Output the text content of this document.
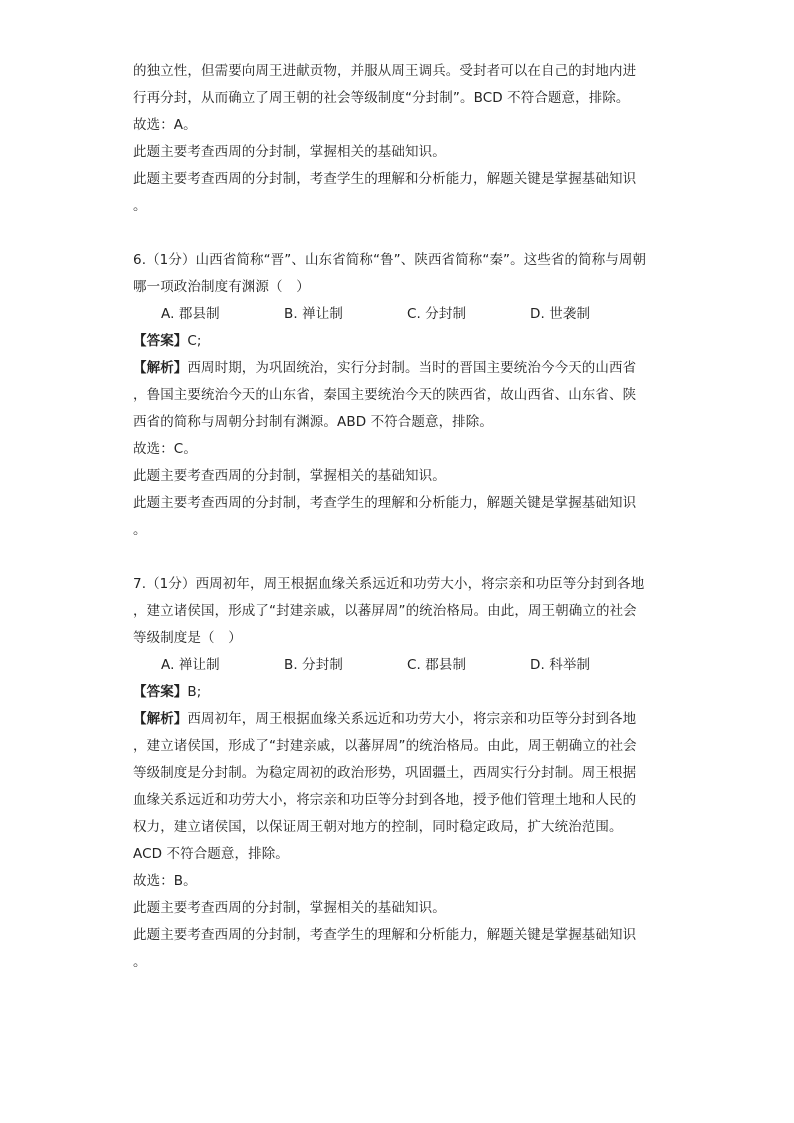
的独立性，但需要向周王进献贡物，并服从周王调兵。受封者可以在自己的封地内进
行再分封，从而确立了周王朝的社会等级制度“分封制”。BCD 不符合题意，排除。
故选：A。
此题主要考查西周的分封制，掌握相关的基础知识。
此题主要考查西周的分封制，考查学生的理解和分析能力，解题关键是掌握基础知识
。
6.（1分）山西省简称“晋”、山东省简称“鲁”、陕西省简称“秦”。这些省的简称与周朝
哪一项政治制度有渊源（　）
A. 郡县制	B. 禅让制	C. 分封制	D. 世袭制
【答案】C;
【解析】西周时期，为巩固统治，实行分封制。当时的晋国主要统治今今天的山西省
，鲁国主要统治今天的山东省，秦国主要统治今天的陕西省，故山西省、山东省、陕
西省的简称与周朝分封制有渊源。ABD 不符合题意，排除。
故选：C。
此题主要考查西周的分封制，掌握相关的基础知识。
此题主要考查西周的分封制，考查学生的理解和分析能力，解题关键是掌握基础知识
。
7.（1分）西周初年，周王根据血缘关系远近和功劳大小，将宗亲和功臣等分封到各地
，建立诸侯国，形成了“封建亲戚，以蕃屏周”的统治格局。由此，周王朝确立的社会
等级制度是（　）
A. 禅让制	B. 分封制	C. 郡县制	D. 科举制
【答案】B;
【解析】西周初年，周王根据血缘关系远近和功劳大小，将宗亲和功臣等分封到各地
，建立诸侯国，形成了“封建亲戚，以蕃屏周”的统治格局。由此，周王朝确立的社会
等级制度是分封制。为稳定周初的政治形势，巩固疆土，西周实行分封制。周王根据
血缘关系远近和功劳大小，将宗亲和功臣等分封到各地，授予他们管理土地和人民的
权力，建立诸侯国，以保证周王朝对地方的控制，同时稳定政局，扩大统治范围。
ACD 不符合题意，排除。
故选：B。
此题主要考查西周的分封制，掌握相关的基础知识。
此题主要考查西周的分封制，考查学生的理解和分析能力，解题关键是掌握基础知识
。
